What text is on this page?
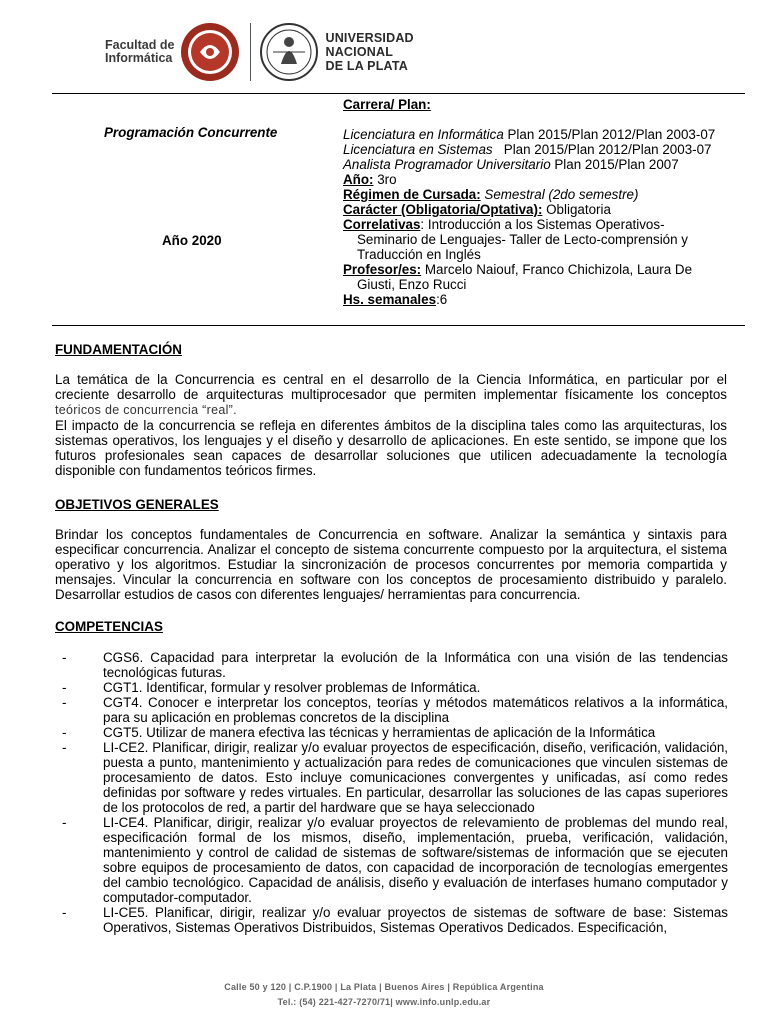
Facultad de
Informática
UNIVERSIDAD
NACIONAL
DE LA PLATA
Programación Concurrente
Año 2020
Carrera/ Plan:
Licenciatura en Informática Plan 2015/Plan 2012/Plan 2003-07
Licenciatura en Sistemas   Plan 2015/Plan 2012/Plan 2003-07
Analista Programador Universitario Plan 2015/Plan 2007
Año: 3ro
Régimen de Cursada: Semestral (2do semestre)
Carácter (Obligatoria/Optativa): Obligatoria
Correlativas: Introducción a los Sistemas Operativos-
Seminario de Lenguajes- Taller de Lecto-comprensión y
Traducción en Inglés
Profesor/es: Marcelo Naiouf, Franco Chichizola, Laura De
Giusti, Enzo Rucci
Hs. semanales:6
FUNDAMENTACIÓN
La temática de la Concurrencia es central en el desarrollo de la Ciencia Informática, en particular por el
creciente desarrollo de arquitecturas multiprocesador que permiten implementar físicamente los conceptos
teóricos de concurrencia “real”.
El impacto de la concurrencia se refleja en diferentes ámbitos de la disciplina tales como las arquitecturas, los sistemas operativos, los lenguajes y el diseño y desarrollo de aplicaciones. En este sentido, se impone que los futuros profesionales sean capaces de desarrollar soluciones que utilicen adecuadamente la tecnología disponible con fundamentos teóricos firmes.
OBJETIVOS GENERALES
Brindar los conceptos fundamentales de Concurrencia en software. Analizar la semántica y sintaxis para especificar concurrencia. Analizar el concepto de sistema concurrente compuesto por la arquitectura, el sistema operativo y los algoritmos. Estudiar la sincronización de procesos concurrentes por memoria compartida y mensajes. Vincular la concurrencia en software con los conceptos de procesamiento distribuido y paralelo. Desarrollar estudios de casos con diferentes lenguajes/ herramientas para concurrencia.
COMPETENCIAS
-	CGS6. Capacidad para interpretar la evolución de la Informática con una visión de las tendencias tecnológicas futuras.
-	CGT1. Identificar, formular y resolver problemas de Informática.
-	CGT4. Conocer e interpretar los conceptos, teorías y métodos matemáticos relativos a la informática, para su aplicación en problemas concretos de la disciplina
-	CGT5. Utilizar de manera efectiva las técnicas y herramientas de aplicación de la Informática
-	LI-CE2. Planificar, dirigir, realizar y/o evaluar proyectos de especificación, diseño, verificación, validación, puesta a punto, mantenimiento y actualización para redes de comunicaciones que vinculen sistemas de procesamiento de datos. Esto incluye comunicaciones convergentes y unificadas, así como redes definidas por software y redes virtuales. En particular, desarrollar las soluciones de las capas superiores de los protocolos de red, a partir del hardware que se haya seleccionado
-	LI-CE4. Planificar, dirigir, realizar y/o evaluar proyectos de relevamiento de problemas del mundo real, especificación formal de los mismos, diseño, implementación, prueba, verificación, validación, mantenimiento y control de calidad de sistemas de software/sistemas de información que se ejecuten sobre equipos de procesamiento de datos, con capacidad de incorporación de tecnologías emergentes del cambio tecnológico. Capacidad de análisis, diseño y evaluación de interfases humano computador y computador-computador.
-	LI-CE5. Planificar, dirigir, realizar y/o evaluar proyectos de sistemas de software de base: Sistemas Operativos, Sistemas Operativos Distribuidos, Sistemas Operativos Dedicados. Especificación,
Calle 50 y 120 | C.P.1900 | La Plata | Buenos Aires | República Argentina
Tel.: (54) 221-427-7270/71| www.info.unlp.edu.ar
